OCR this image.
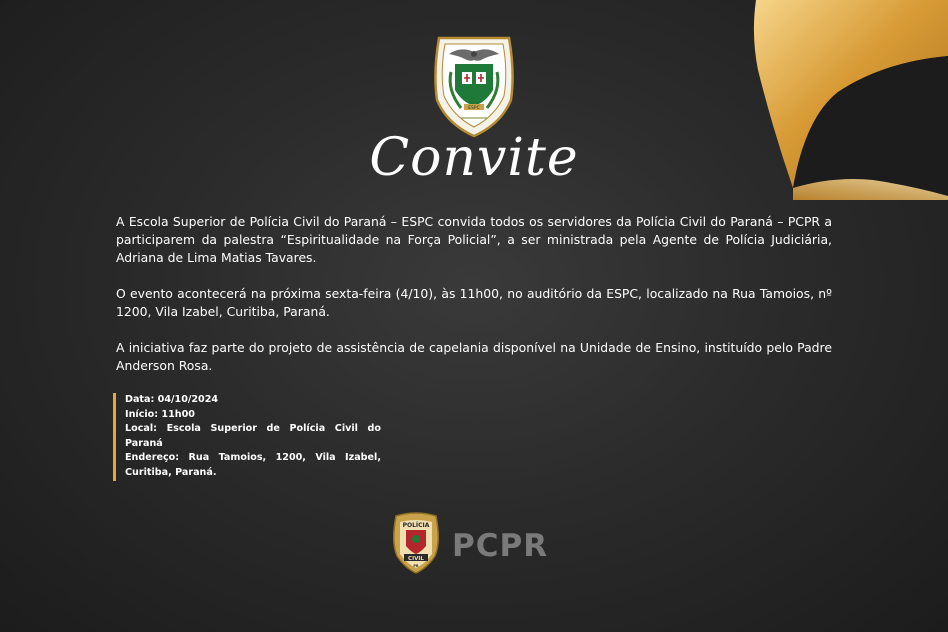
ESPC
Convite

A Escola Superior de Polícia Civil do Paraná – ESPC convida todos os servidores da Polícia Civil do Paraná – PCPR a participarem da palestra “Espiritualidade na Força Policial”, a ser ministrada pela Agente de Polícia Judiciária, Adriana de Lima Matias Tavares.

O evento acontecerá na próxima sexta-feira (4/10), às 11h00, no auditório da ESPC, localizado na Rua Tamoios, nº 1200, Vila Izabel, Curitiba, Paraná.

A iniciativa faz parte do projeto de assistência de capelania disponível na Unidade de Ensino, instituído pelo Padre Anderson Rosa.

Data: 04/10/2024
Início: 11h00
Local: Escola Superior de Polícia Civil do Paraná
Endereço: Rua Tamoios, 1200, Vila Izabel, Curitiba, Paraná.
POLÍCIA
CIVIL
PR
PCPR
